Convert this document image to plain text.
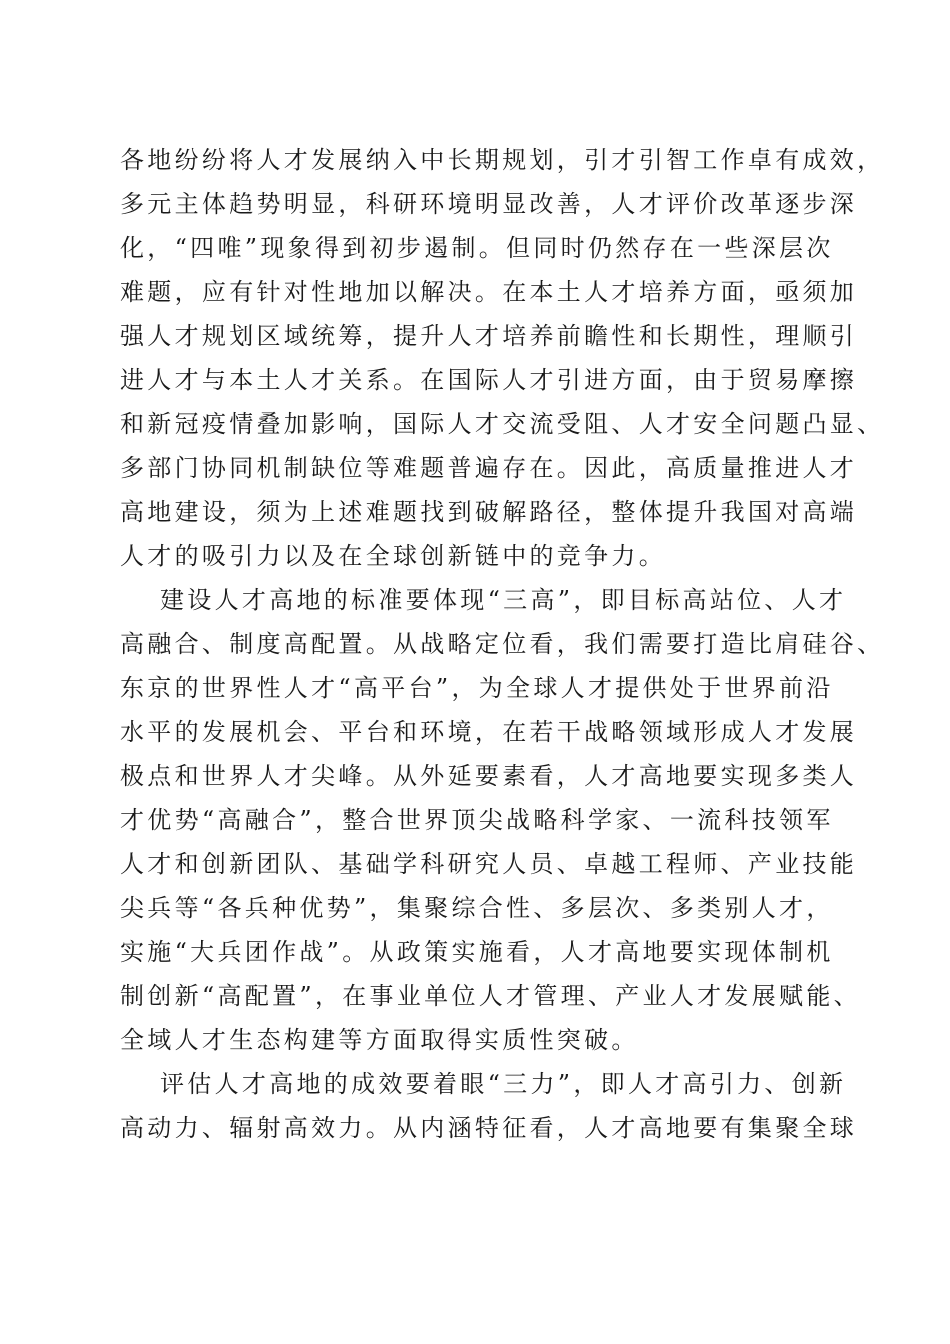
各地纷纷将人才发展纳入中长期规划，引才引智工作卓有成效，
多元主体趋势明显，科研环境明显改善，人才评价改革逐步深
化，“四唯”现象得到初步遏制。但同时仍然存在一些深层次
难题，应有针对性地加以解决。在本土人才培养方面，亟须加
强人才规划区域统筹，提升人才培养前瞻性和长期性，理顺引
进人才与本土人才关系。在国际人才引进方面，由于贸易摩擦
和新冠疫情叠加影响，国际人才交流受阻、人才安全问题凸显、
多部门协同机制缺位等难题普遍存在。因此，高质量推进人才
高地建设，须为上述难题找到破解路径，整体提升我国对高端
人才的吸引力以及在全球创新链中的竞争力。
建设人才高地的标准要体现“三高”，即目标高站位、人才
高融合、制度高配置。从战略定位看，我们需要打造比肩硅谷、
东京的世界性人才“高平台”，为全球人才提供处于世界前沿
水平的发展机会、平台和环境，在若干战略领域形成人才发展
极点和世界人才尖峰。从外延要素看，人才高地要实现多类人
才优势“高融合”，整合世界顶尖战略科学家、一流科技领军
人才和创新团队、基础学科研究人员、卓越工程师、产业技能
尖兵等“各兵种优势”，集聚综合性、多层次、多类别人才，
实施“大兵团作战”。从政策实施看，人才高地要实现体制机
制创新“高配置”，在事业单位人才管理、产业人才发展赋能、
全域人才生态构建等方面取得实质性突破。
评估人才高地的成效要着眼“三力”，即人才高引力、创新
高动力、辐射高效力。从内涵特征看，人才高地要有集聚全球
